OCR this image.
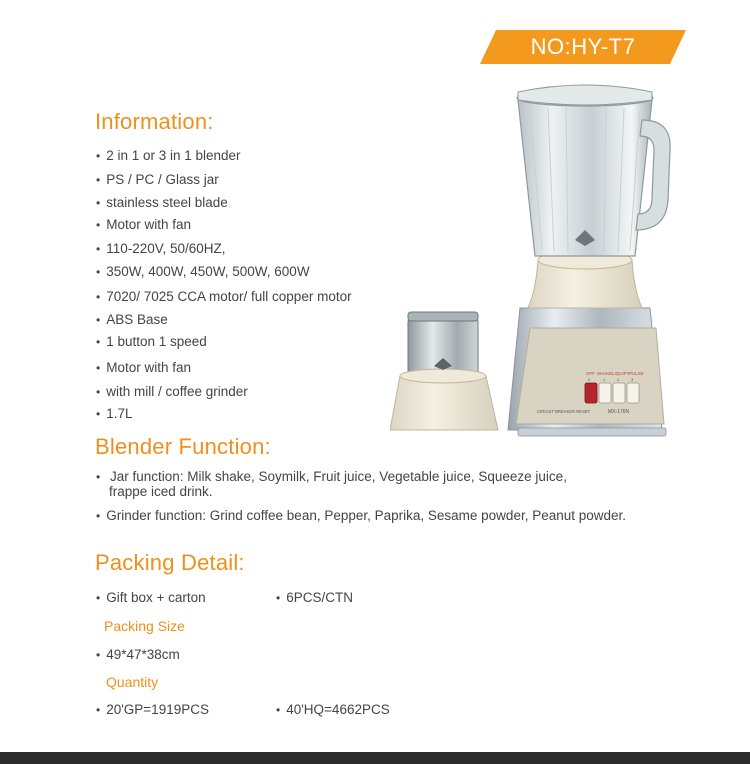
NO:HY-T7
Information:
• 2 in 1 or 3 in 1 blender
• PS / PC / Glass jar
• stainless steel blade
• Motor with fan
• 110-220V, 50/60HZ,
• 350W, 400W, 450W, 500W, 600W
• 7020/ 7025 CCA motor/ full copper motor
• ABS Base
• 1 button 1 speed
• Motor with fan
• with mill / coffee grinder
• 1.7L
Blender Function:
• Jar function: Milk shake, Soymilk, Fruit juice, Vegetable juice, Squeeze juice,
frappe iced drink.
• Grinder function: Grind coffee bean, Pepper, Paprika, Sesame powder, Peanut powder.
Packing Detail:
• Gift box + carton	• 6PCS/CTN
Packing Size
• 49*47*38cm
Quantity
• 20'GP=1919PCS	• 40'HQ=4662PCS
OFF SHAKE LIQUIFY PULSE
0	1	2	3
CIRCUIT BREAKER RESET	MX-176N
